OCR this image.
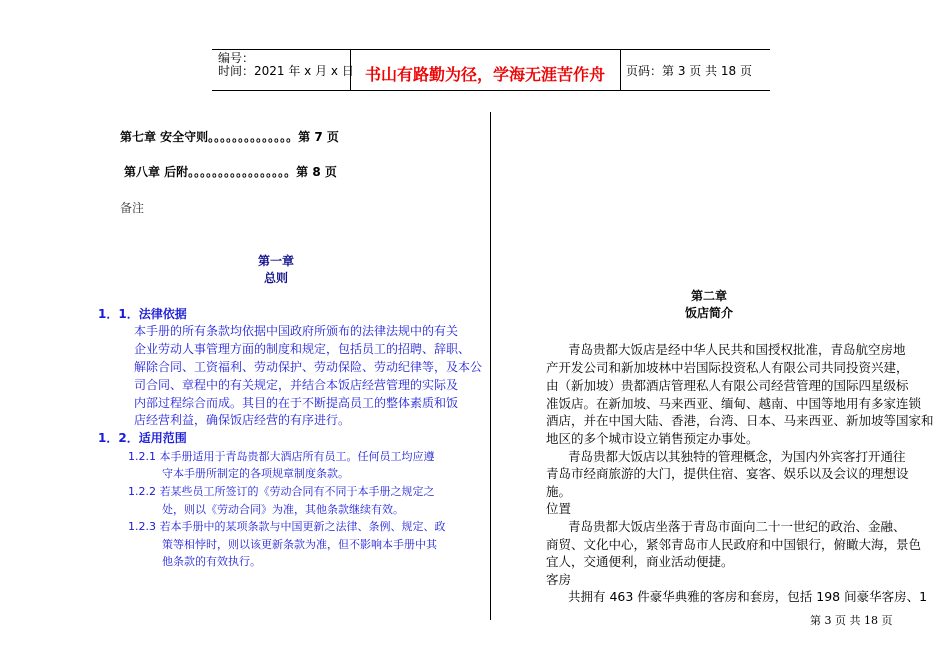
编号：
时间：2021 年 x 月 x 日 书山有路勤为径，学海无涯苦作舟	页码：第 3 页 共 18 页
第七章 安全守则。。。。。。。。。。。。。。第 7 页
第八章 后附。。。。。。。。。。。。。。。。。第 8 页
备注
第一章
总则
1．1．法律依据
本手册的所有条款均依据中国政府所颁布的法律法规中的有关
企业劳动人事管理方面的制度和规定，包括员工的招聘、辞职、
解除合同、工资福利、劳动保护、劳动保险、劳动纪律等，及本公
司合同、章程中的有关规定，并结合本饭店经营管理的实际及
内部过程综合而成。其目的在于不断提高员工的整体素质和饭
店经营利益，确保饭店经营的有序进行。
1．2．适用范围
1.2.1 本手册适用于青岛贵都大酒店所有员工。任何员工均应遵
守本手册所制定的各项规章制度条款。
1.2.2 若某些员工所签订的《劳动合同有不同于本手册之规定之
处，则以《劳动合同》为准，其他条款继续有效。
1.2.3 若本手册中的某项条款与中国更新之法律、条例、规定、政
策等相悖时，则以该更新条款为准，但不影响本手册中其
他条款的有效执行。
第二章
饭店简介
青岛贵都大饭店是经中华人民共和国授权批准，青岛航空房地
产开发公司和新加坡林中岩国际投资私人有限公司共同投资兴建，
由（新加坡）贵都酒店管理私人有限公司经营管理的国际四星级标
准饭店。在新加坡、马来西亚、缅甸、越南、中国等地用有多家连锁
酒店，并在中国大陆、香港，台湾、日本、马来西亚、新加坡等国家和
地区的多个城市设立销售预定办事处。
青岛贵都大饭店以其独特的管理概念，为国内外宾客打开通往
青岛市经商旅游的大门，提供住宿、宴客、娱乐以及会议的理想设
施。
位置
青岛贵都大饭店坐落于青岛市面向二十一世纪的政治、金融、
商贸、文化中心，紧邻青岛市人民政府和中国银行，俯瞰大海，景色
宜人，交通便利，商业活动便捷。
客房
共拥有 463 件豪华典雅的客房和套房，包括 198 间豪华客房、1
第 3 页 共 18 页
